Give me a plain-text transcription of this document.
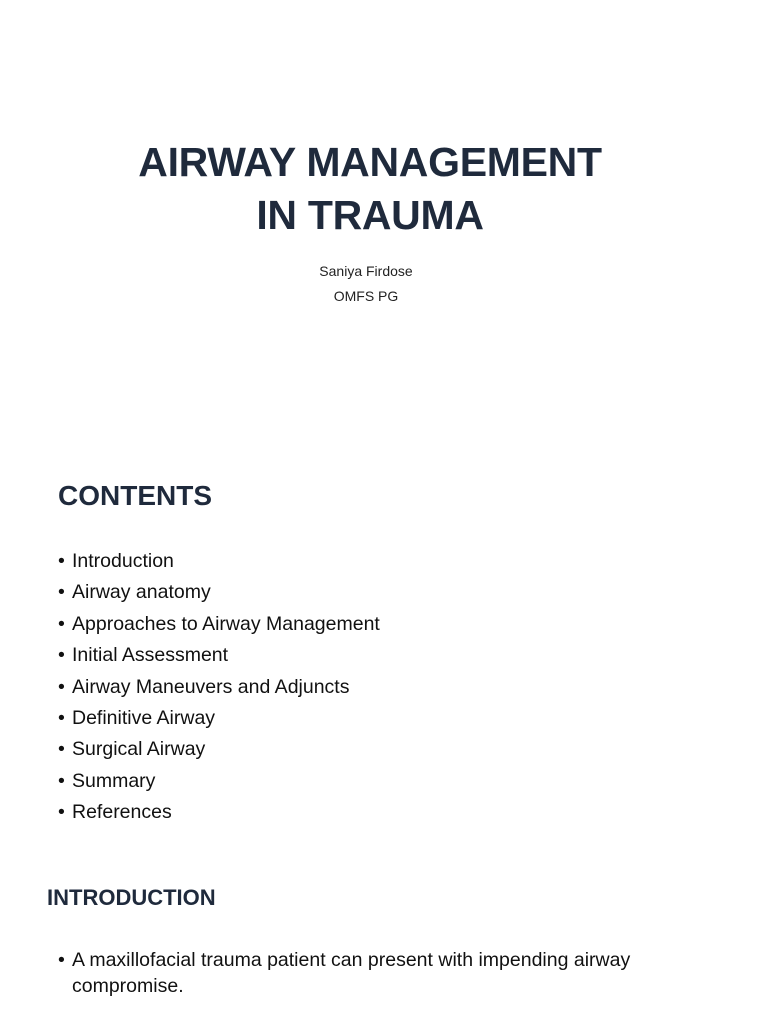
AIRWAY MANAGEMENT
IN TRAUMA
Saniya Firdose
OMFS PG
CONTENTS
• Introduction
• Airway anatomy
• Approaches to Airway Management
• Initial Assessment
• Airway Maneuvers and Adjuncts
• Definitive Airway
• Surgical Airway
• Summary
• References
INTRODUCTION
• A maxillofacial trauma patient can present with impending airway compromise.
